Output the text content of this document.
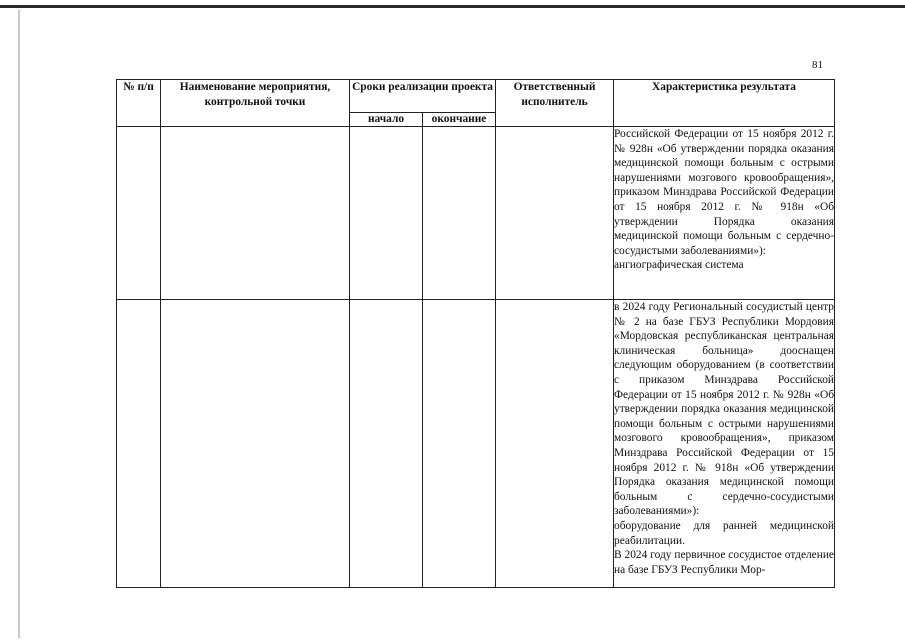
81
№ п/п	Наименование мероприятия, контрольной точки	Сроки реализации проекта		Ответственный исполнитель	Характеристика результата
		начало	окончание		

					Российской Федерации от 15 ноября 2012 г. № 928н «Об утверждении порядка оказания медицинской помощи больным с острыми нарушениями мозгового кровообращения», приказом Минздрава Российской Федерации от 15 ноября 2012 г. № 918н «Об утверждении Порядка оказания медицинской помощи больным с сердечно-сосудистыми заболеваниями»):

ангиографическая система

					в 2024 году Региональный сосудистый центр № 2 на базе ГБУЗ Республики Мордовия «Мордовская республиканская центральная клиническая больница» дооснащен следующим оборудованием (в соответствии с приказом Минздрава Российской Федерации от 15 ноября 2012 г. № 928н «Об утверждении порядка оказания медицинской помощи больным с острыми нарушениями мозгового кровообращения», приказом Минздрава Российской Федерации от 15 ноября 2012 г. № 918н «Об утверждении Порядка оказания медицинской помощи больным с сердечно-сосудистыми заболеваниями»):

оборудование для ранней медицинской реабилитации.

В 2024 году первичное сосудистое отделение на базе ГБУЗ Республики Мор-
